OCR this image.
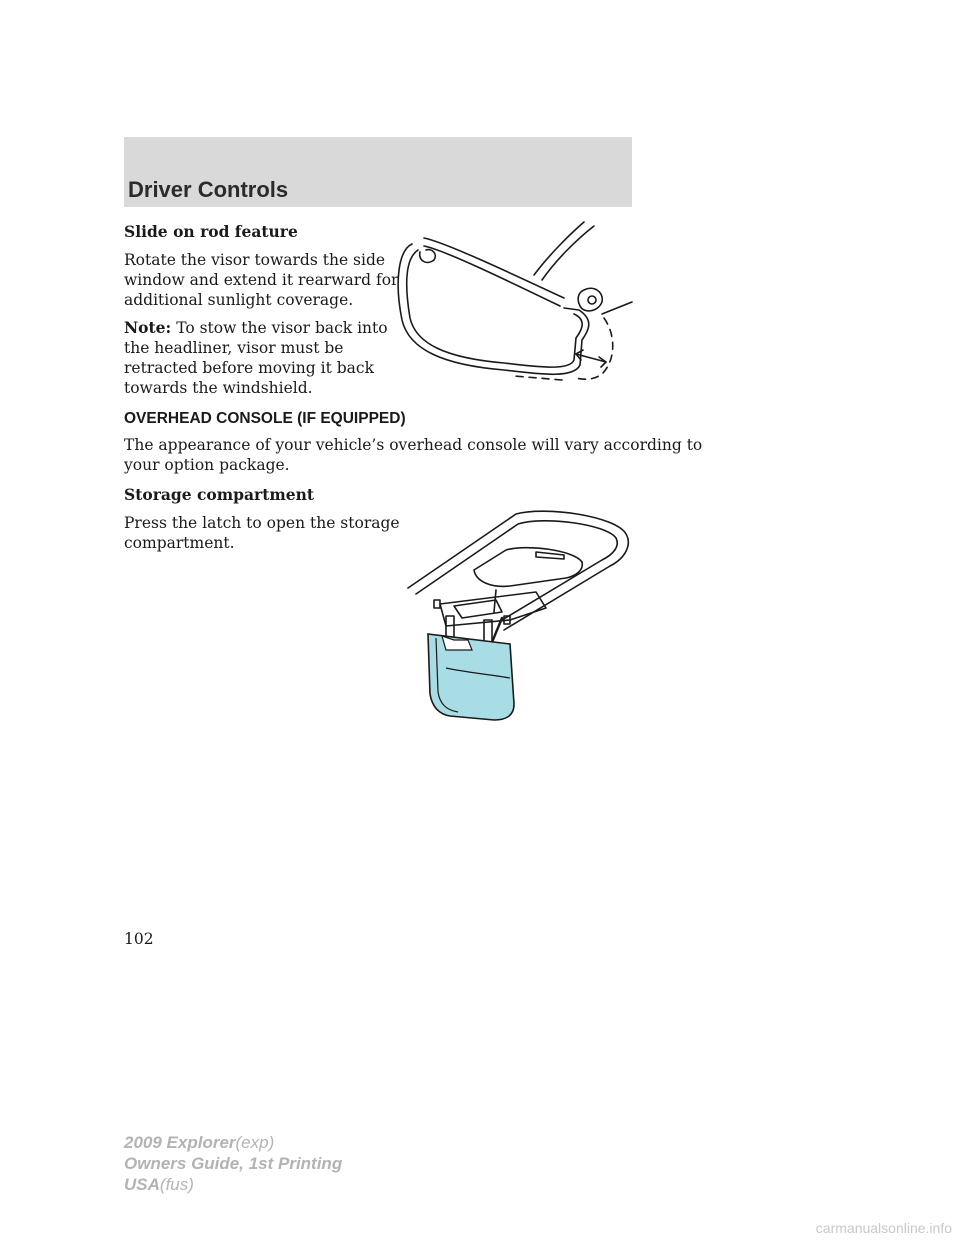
Driver Controls

Slide on rod feature

Rotate the visor towards the side

window and extend it rearward for

additional sunlight coverage.

Note: To stow the visor back into

the headliner, visor must be

retracted before moving it back

towards the windshield.

OVERHEAD CONSOLE (IF EQUIPPED)

The appearance of your vehicle’s overhead console will vary according to

your option package.

Storage compartment

Press the latch to open the storage

compartment.

102
2009 Explorer(exp)
Owners Guide, 1st Printing
USA(fus)
carmanualsonline.info
